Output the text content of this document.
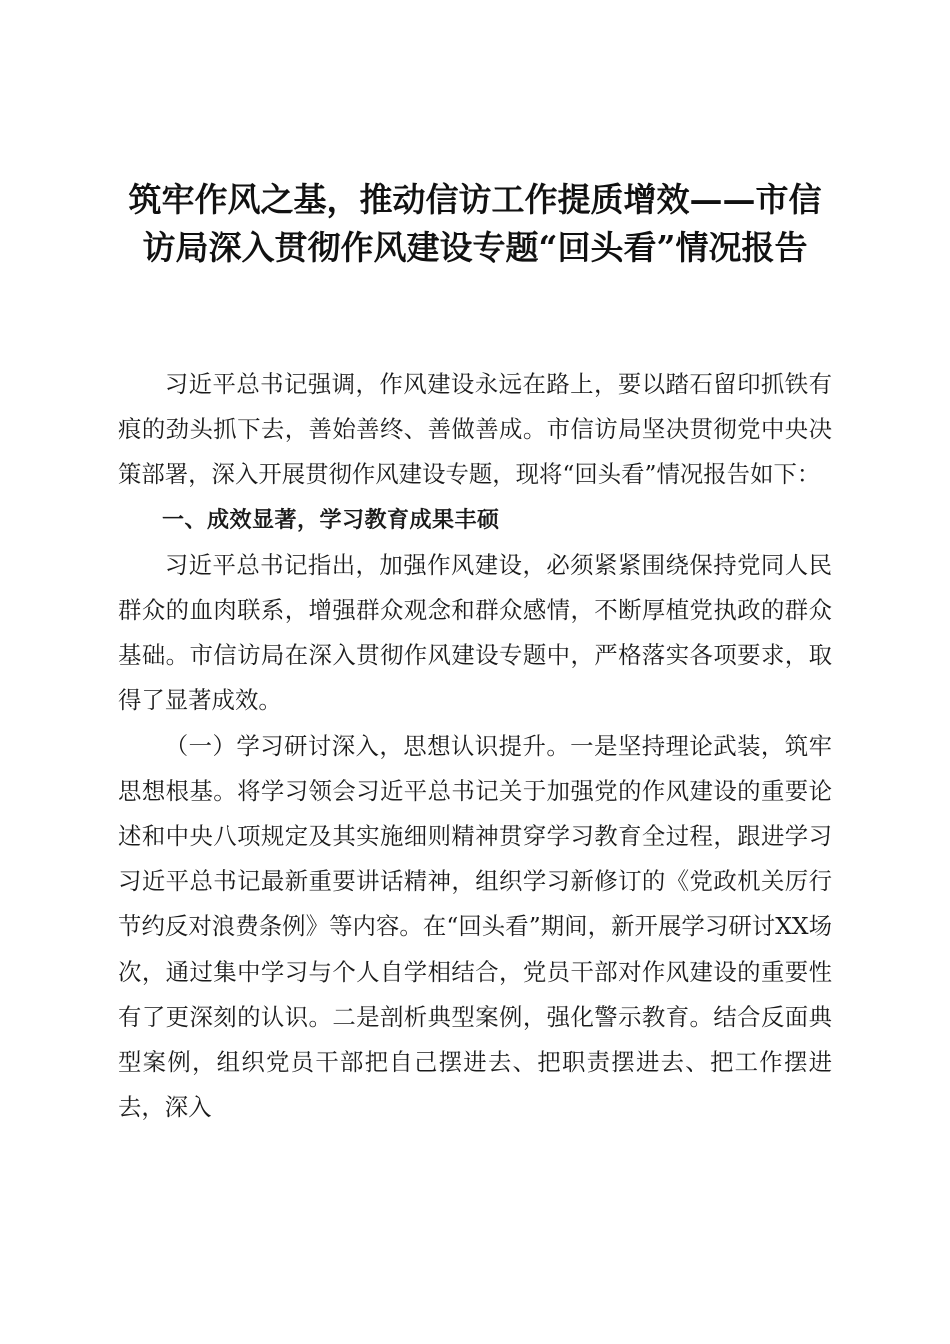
筑牢作风之基，推动信访工作提质增效——市信访局深入贯彻作风建设专题“回头看”情况报告

习近平总书记强调，作风建设永远在路上，要以踏石留印抓铁有痕的劲头抓下去，善始善终、善做善成。市信访局坚决贯彻党中央决策部署，深入开展贯彻作风建设专题，现将“回头看”情况报告如下：

一、成效显著，学习教育成果丰硕

习近平总书记指出，加强作风建设，必须紧紧围绕保持党同人民群众的血肉联系，增强群众观念和群众感情，不断厚植党执政的群众基础。市信访局在深入贯彻作风建设专题中，严格落实各项要求，取得了显著成效。

（一）学习研讨深入，思想认识提升。一是坚持理论武装，筑牢思想根基。将学习领会习近平总书记关于加强党的作风建设的重要论述和中央八项规定及其实施细则精神贯穿学习教育全过程，跟进学习习近平总书记最新重要讲话精神，组织学习新修订的《党政机关厉行节约反对浪费条例》等内容。在“回头看”期间，新开展学习研讨XX场次，通过集中学习与个人自学相结合，党员干部对作风建设的重要性有了更深刻的认识。二是剖析典型案例，强化警示教育。结合反面典型案例，组织党员干部把自己摆进去、把职责摆进去、把工作摆进去，深入
